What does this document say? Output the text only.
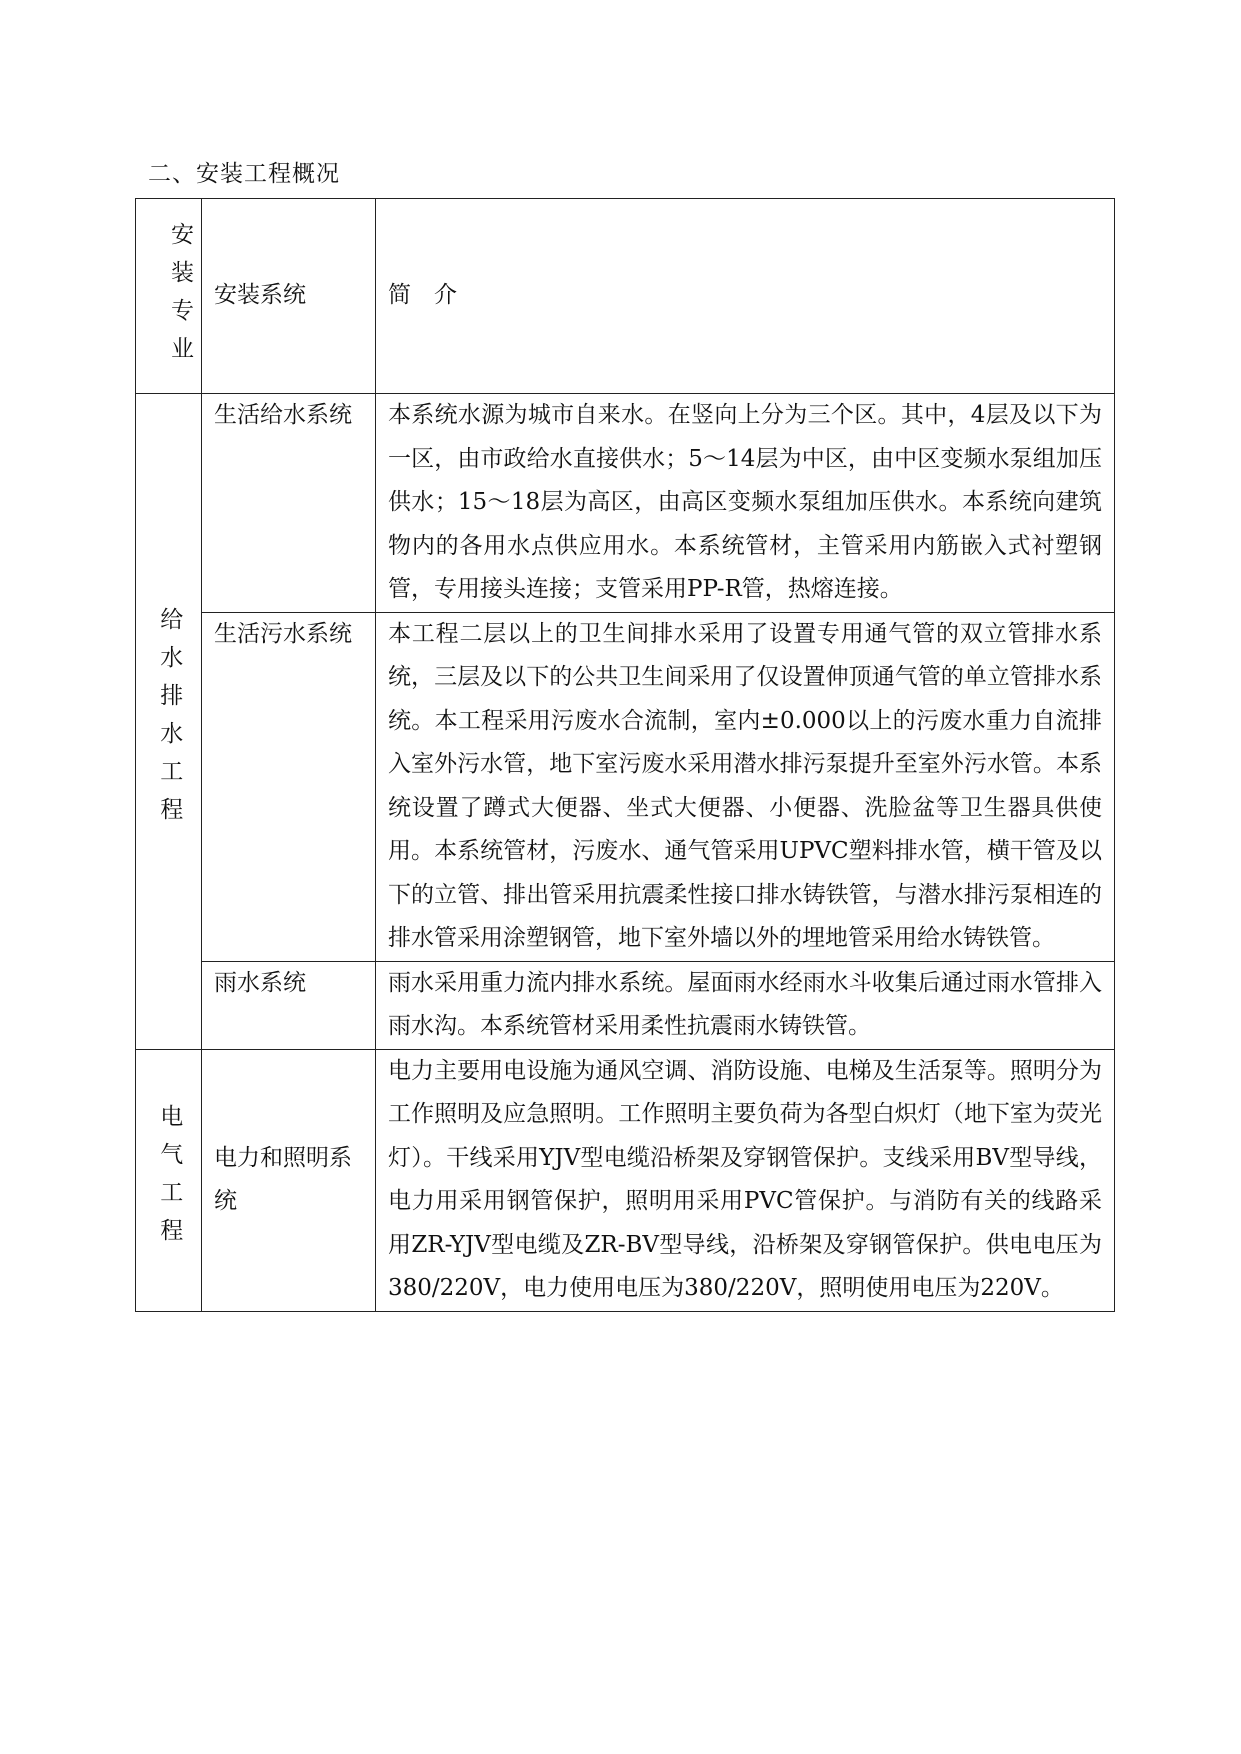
二、安装工程概况
安装专业	安装系统	简　介
给水排水工程	生活给水系统	本系统水源为城市自来水。在竖向上分为三个区。其中，4层及以下为一区，由市政给水直接供水；5～14层为中区，由中区变频水泵组加压供水；15～18层为高区，由高区变频水泵组加压供水。本系统向建筑物内的各用水点供应用水。本系统管材，主管采用内筋嵌入式衬塑钢管，专用接头连接；支管采用PP-R管，热熔连接。
	生活污水系统	本工程二层以上的卫生间排水采用了设置专用通气管的双立管排水系统，三层及以下的公共卫生间采用了仅设置伸顶通气管的单立管排水系统。本工程采用污废水合流制，室内±0.000以上的污废水重力自流排入室外污水管，地下室污废水采用潜水排污泵提升至室外污水管。本系统设置了蹲式大便器、坐式大便器、小便器、洗脸盆等卫生器具供使用。本系统管材，污废水、通气管采用UPVC塑料排水管，横干管及以下的立管、排出管采用抗震柔性接口排水铸铁管，与潜水排污泵相连的排水管采用涂塑钢管，地下室外墙以外的埋地管采用给水铸铁管。
	雨水系统	雨水采用重力流内排水系统。屋面雨水经雨水斗收集后通过雨水管排入雨水沟。本系统管材采用柔性抗震雨水铸铁管。
电气工程	电力和照明系统	电力主要用电设施为通风空调、消防设施、电梯及生活泵等。照明分为工作照明及应急照明。工作照明主要负荷为各型白炽灯（地下室为荧光灯）。干线采用YJV型电缆沿桥架及穿钢管保护。支线采用BV型导线，电力用采用钢管保护，照明用采用PVC管保护。与消防有关的线路采用ZR-YJV型电缆及ZR-BV型导线，沿桥架及穿钢管保护。供电电压为380/220V，电力使用电压为380/220V，照明使用电压为220V。
